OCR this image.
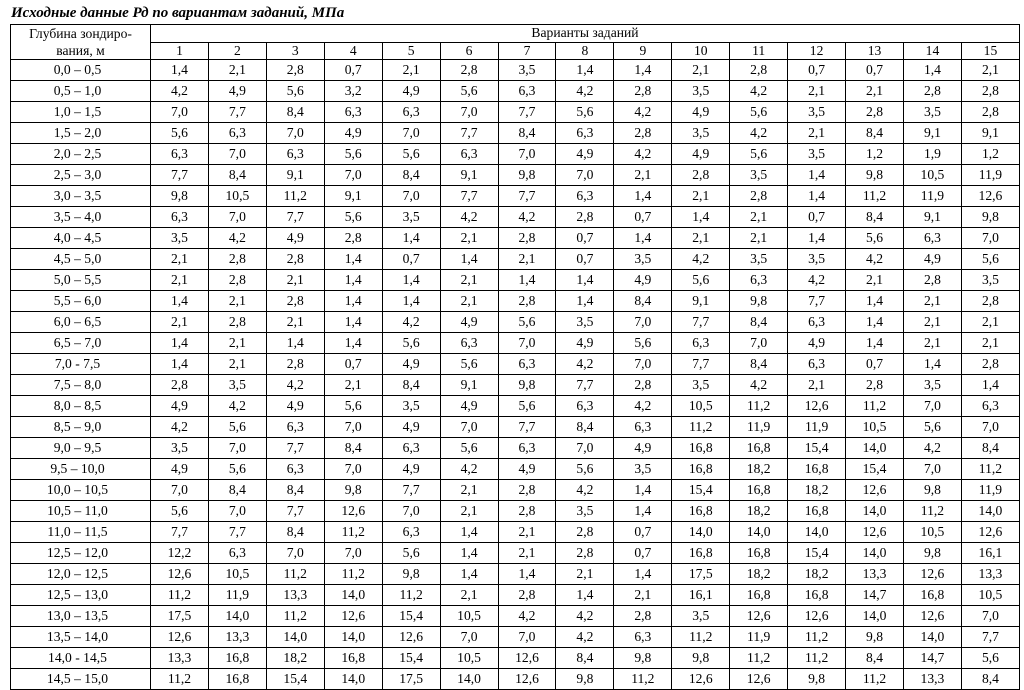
Исходные данные Рд по вариантам заданий, МПа
Глубина зондиро-вания, м	Варианты заданий														
	1	2	3	4	5	6	7	8	9	10	11	12	13	14	15
0,0 – 0,5	1,4	2,1	2,8	0,7	2,1	2,8	3,5	1,4	1,4	2,1	2,8	0,7	0,7	1,4	2,1
0,5 – 1,0	4,2	4,9	5,6	3,2	4,9	5,6	6,3	4,2	2,8	3,5	4,2	2,1	2,1	2,8	2,8
1,0 – 1,5	7,0	7,7	8,4	6,3	6,3	7,0	7,7	5,6	4,2	4,9	5,6	3,5	2,8	3,5	2,8
1,5 – 2,0	5,6	6,3	7,0	4,9	7,0	7,7	8,4	6,3	2,8	3,5	4,2	2,1	8,4	9,1	9,1
2,0 – 2,5	6,3	7,0	6,3	5,6	5,6	6,3	7,0	4,9	4,2	4,9	5,6	3,5	1,2	1,9	1,2
2,5 – 3,0	7,7	8,4	9,1	7,0	8,4	9,1	9,8	7,0	2,1	2,8	3,5	1,4	9,8	10,5	11,9
3,0 – 3,5	9,8	10,5	11,2	9,1	7,0	7,7	7,7	6,3	1,4	2,1	2,8	1,4	11,2	11,9	12,6
3,5 – 4,0	6,3	7,0	7,7	5,6	3,5	4,2	4,2	2,8	0,7	1,4	2,1	0,7	8,4	9,1	9,8
4,0 – 4,5	3,5	4,2	4,9	2,8	1,4	2,1	2,8	0,7	1,4	2,1	2,1	1,4	5,6	6,3	7,0
4,5 – 5,0	2,1	2,8	2,8	1,4	0,7	1,4	2,1	0,7	3,5	4,2	3,5	3,5	4,2	4,9	5,6
5,0 – 5,5	2,1	2,8	2,1	1,4	1,4	2,1	1,4	1,4	4,9	5,6	6,3	4,2	2,1	2,8	3,5
5,5 – 6,0	1,4	2,1	2,8	1,4	1,4	2,1	2,8	1,4	8,4	9,1	9,8	7,7	1,4	2,1	2,8
6,0 – 6,5	2,1	2,8	2,1	1,4	4,2	4,9	5,6	3,5	7,0	7,7	8,4	6,3	1,4	2,1	2,1
6,5 – 7,0	1,4	2,1	1,4	1,4	5,6	6,3	7,0	4,9	5,6	6,3	7,0	4,9	1,4	2,1	2,1
7,0 - 7,5	1,4	2,1	2,8	0,7	4,9	5,6	6,3	4,2	7,0	7,7	8,4	6,3	0,7	1,4	2,8
7,5 – 8,0	2,8	3,5	4,2	2,1	8,4	9,1	9,8	7,7	2,8	3,5	4,2	2,1	2,8	3,5	1,4
8,0 – 8,5	4,9	4,2	4,9	5,6	3,5	4,9	5,6	6,3	4,2	10,5	11,2	12,6	11,2	7,0	6,3
8,5 – 9,0	4,2	5,6	6,3	7,0	4,9	7,0	7,7	8,4	6,3	11,2	11,9	11,9	10,5	5,6	7,0
9,0 – 9,5	3,5	7,0	7,7	8,4	6,3	5,6	6,3	7,0	4,9	16,8	16,8	15,4	14,0	4,2	8,4
9,5 – 10,0	4,9	5,6	6,3	7,0	4,9	4,2	4,9	5,6	3,5	16,8	18,2	16,8	15,4	7,0	11,2
10,0 – 10,5	7,0	8,4	8,4	9,8	7,7	2,1	2,8	4,2	1,4	15,4	16,8	18,2	12,6	9,8	11,9
10,5 – 11,0	5,6	7,0	7,7	12,6	7,0	2,1	2,8	3,5	1,4	16,8	18,2	16,8	14,0	11,2	14,0
11,0 – 11,5	7,7	7,7	8,4	11,2	6,3	1,4	2,1	2,8	0,7	14,0	14,0	14,0	12,6	10,5	12,6
12,5 – 12,0	12,2	6,3	7,0	7,0	5,6	1,4	2,1	2,8	0,7	16,8	16,8	15,4	14,0	9,8	16,1
12,0 – 12,5	12,6	10,5	11,2	11,2	9,8	1,4	1,4	2,1	1,4	17,5	18,2	18,2	13,3	12,6	13,3
12,5 – 13,0	11,2	11,9	13,3	14,0	11,2	2,1	2,8	1,4	2,1	16,1	16,8	16,8	14,7	16,8	10,5
13,0 – 13,5	17,5	14,0	11,2	12,6	15,4	10,5	4,2	4,2	2,8	3,5	12,6	12,6	14,0	12,6	7,0
13,5 – 14,0	12,6	13,3	14,0	14,0	12,6	7,0	7,0	4,2	6,3	11,2	11,9	11,2	9,8	14,0	7,7
14,0 - 14,5	13,3	16,8	18,2	16,8	15,4	10,5	12,6	8,4	9,8	9,8	11,2	11,2	8,4	14,7	5,6
14,5 – 15,0	11,2	16,8	15,4	14,0	17,5	14,0	12,6	9,8	11,2	12,6	12,6	9,8	11,2	13,3	8,4
